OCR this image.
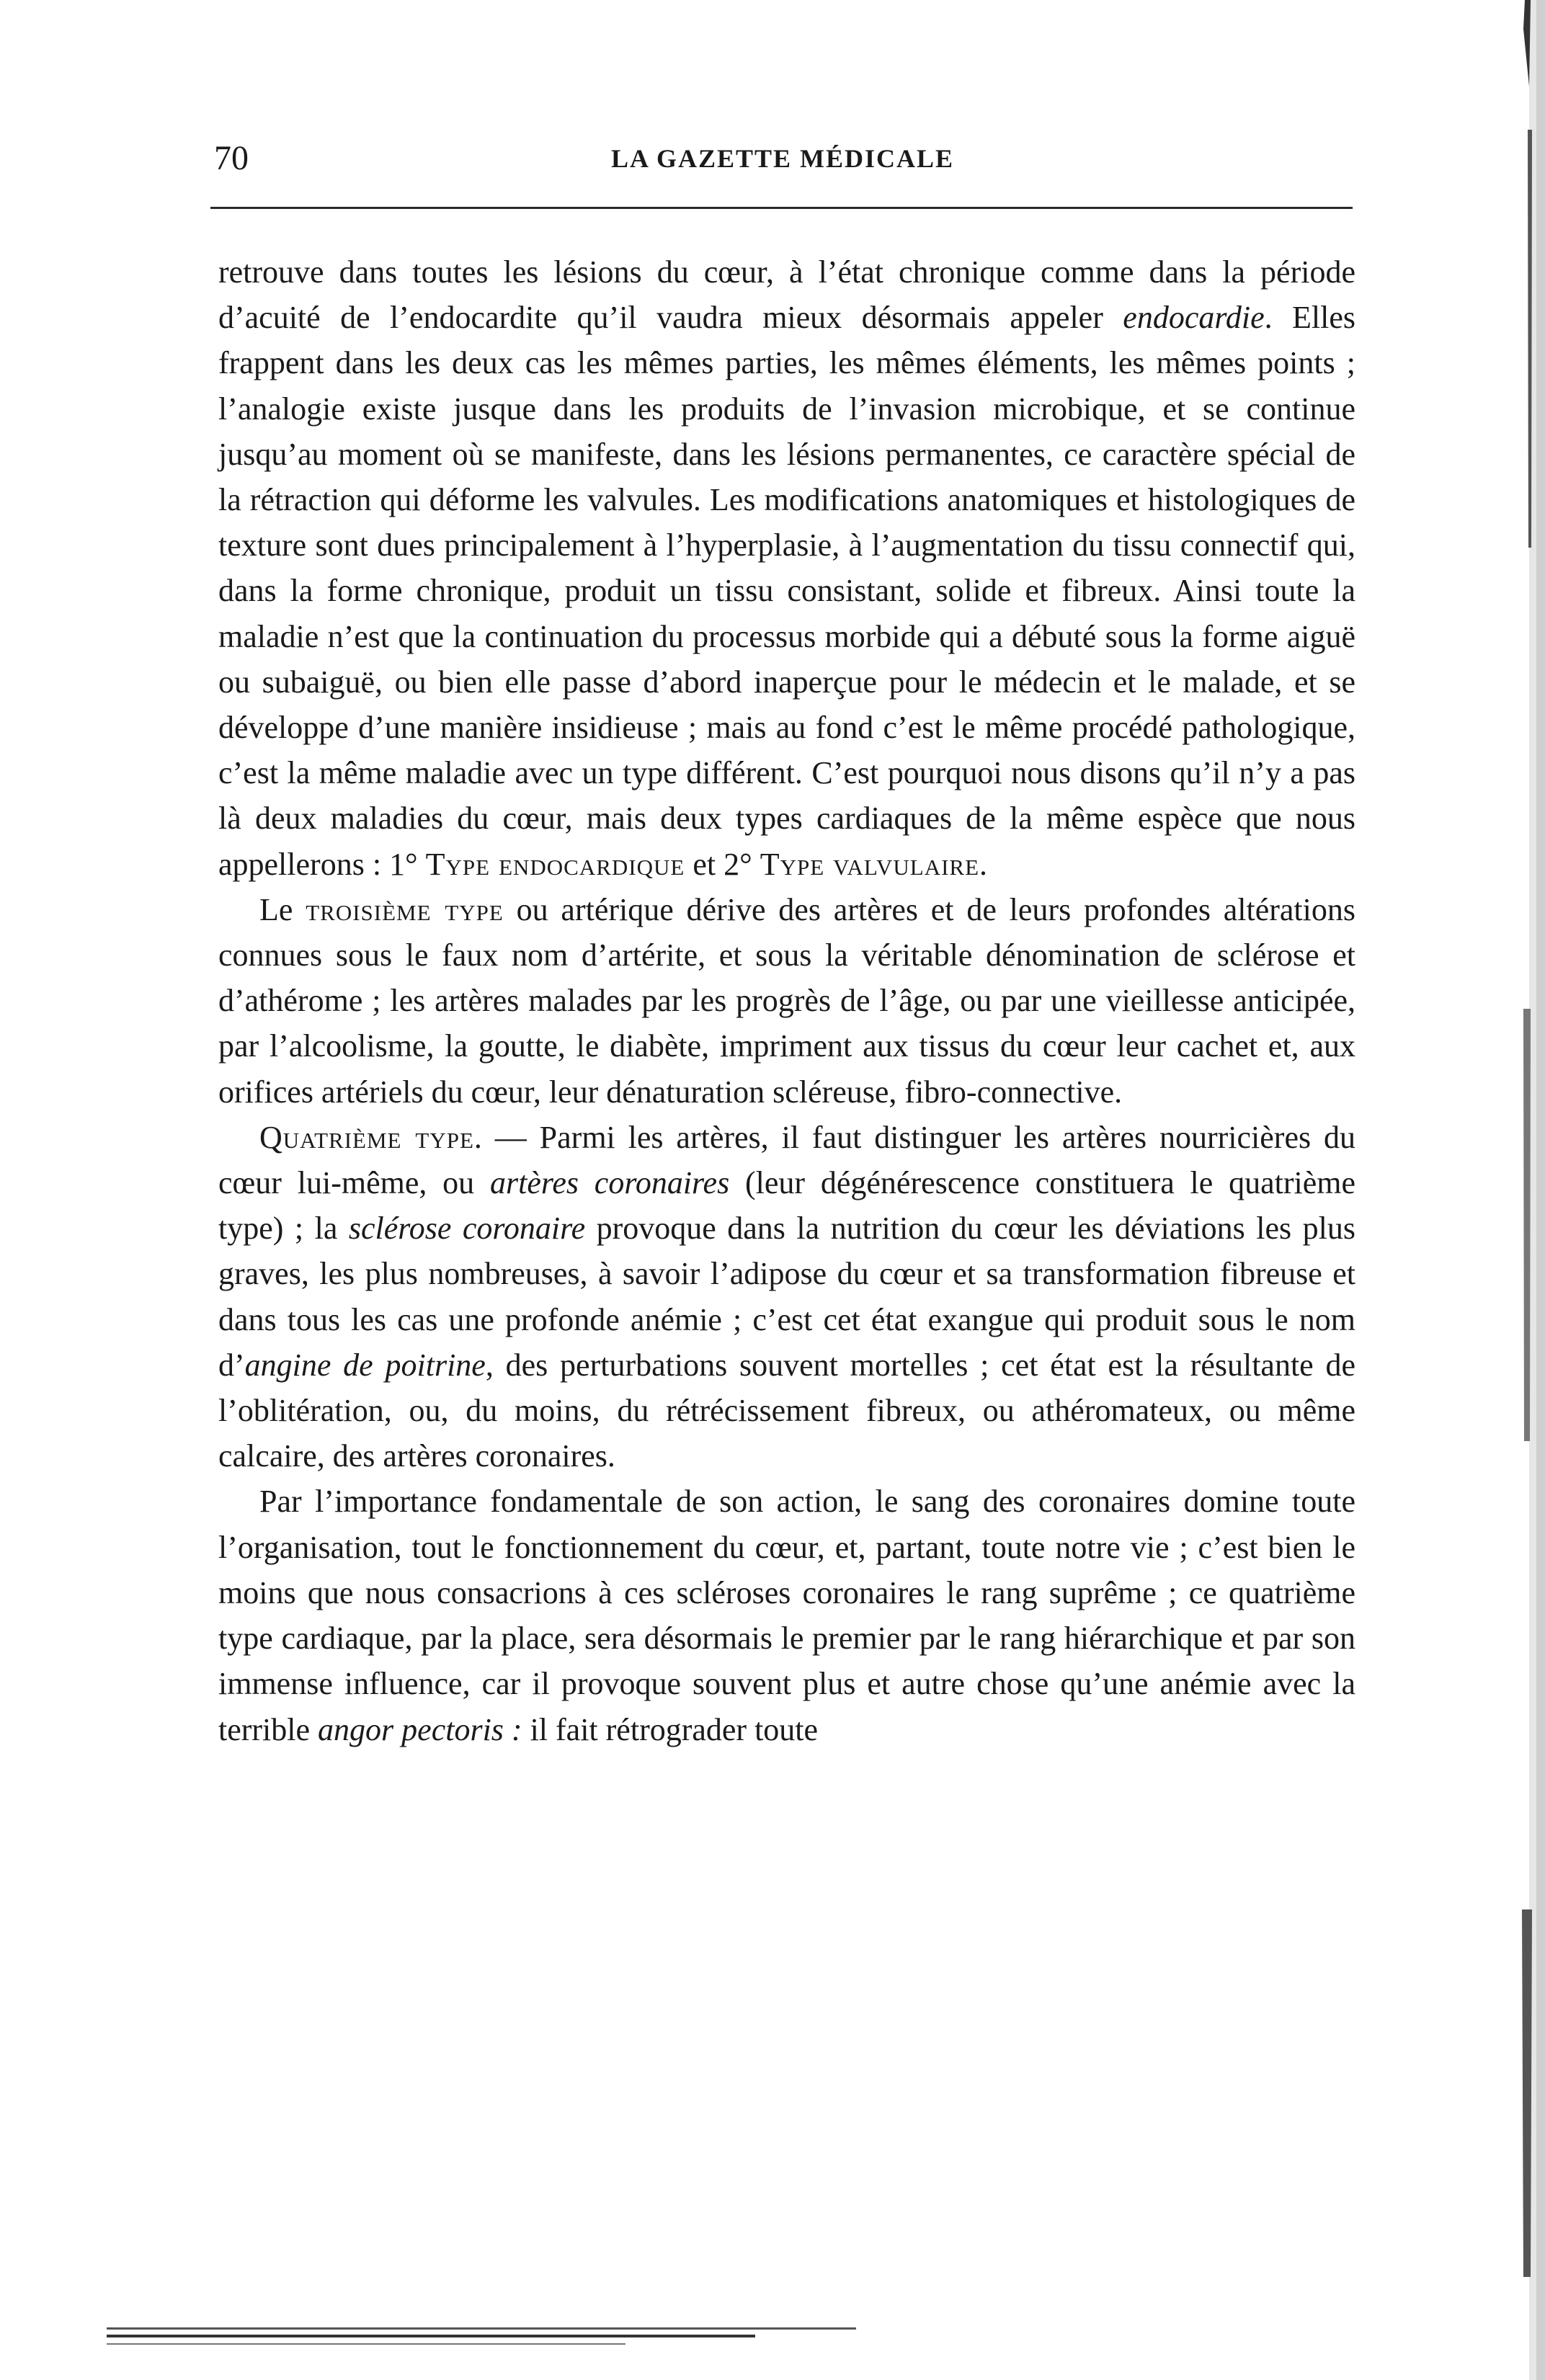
70	LA GAZETTE MÉDICALE

retrouve dans toutes les lésions du cœur, à l’état chronique comme dans la période d’acuité de l’endocardite qu’il vaudra mieux désormais appeler endocardie. Elles frappent dans les deux cas les mêmes parties, les mêmes éléments, les mêmes points ; l’analogie existe jusque dans les produits de l’invasion microbique, et se continue jusqu’au moment où se manifeste, dans les lésions permanentes, ce caractère spécial de la rétraction qui déforme les valvules. Les modifications anatomiques et histologiques de texture sont dues principalement à l’hyperplasie, à l’augmentation du tissu connectif qui, dans la forme chronique, produit un tissu consistant, solide et fibreux. Ainsi toute la maladie n’est que la continuation du processus morbide qui a débuté sous la forme aiguë ou subaiguë, ou bien elle passe d’abord inaperçue pour le médecin et le malade, et se développe d’une manière insidieuse ; mais au fond c’est le même procédé pathologique, c’est la même maladie avec un type différent. C’est pourquoi nous disons qu’il n’y a pas là deux maladies du cœur, mais deux types cardiaques de la même espèce que nous appellerons : 1° Type endocardique et 2° Type valvulaire.

Le troisième type ou artérique dérive des artères et de leurs profondes altérations connues sous le faux nom d’artérite, et sous la véritable dénomination de sclérose et d’athérome ; les artères malades par les progrès de l’âge, ou par une vieillesse anticipée, par l’alcoolisme, la goutte, le diabète, impriment aux tissus du cœur leur cachet et, aux orifices artériels du cœur, leur dénaturation scléreuse, fibro-connective.

Quatrième type. — Parmi les artères, il faut distinguer les artères nourricières du cœur lui-même, ou artères coronaires (leur dégénérescence constituera le quatrième type) ; la sclérose coronaire provoque dans la nutrition du cœur les déviations les plus graves, les plus nombreuses, à savoir l’adipose du cœur et sa transformation fibreuse et dans tous les cas une profonde anémie ; c’est cet état exangue qui produit sous le nom d’angine de poitrine, des perturbations souvent mortelles ; cet état est la résultante de l’oblitération, ou, du moins, du rétrécissement fibreux, ou athéromateux, ou même calcaire, des artères coronaires.

Par l’importance fondamentale de son action, le sang des coronaires domine toute l’organisation, tout le fonctionnement du cœur, et, partant, toute notre vie ; c’est bien le moins que nous consacrions à ces scléroses coronaires le rang suprême ; ce quatrième type cardiaque, par la place, sera désormais le premier par le rang hiérarchique et par son immense influence, car il provoque souvent plus et autre chose qu’une anémie avec la terrible angor pectoris : il fait rétrograder toute
